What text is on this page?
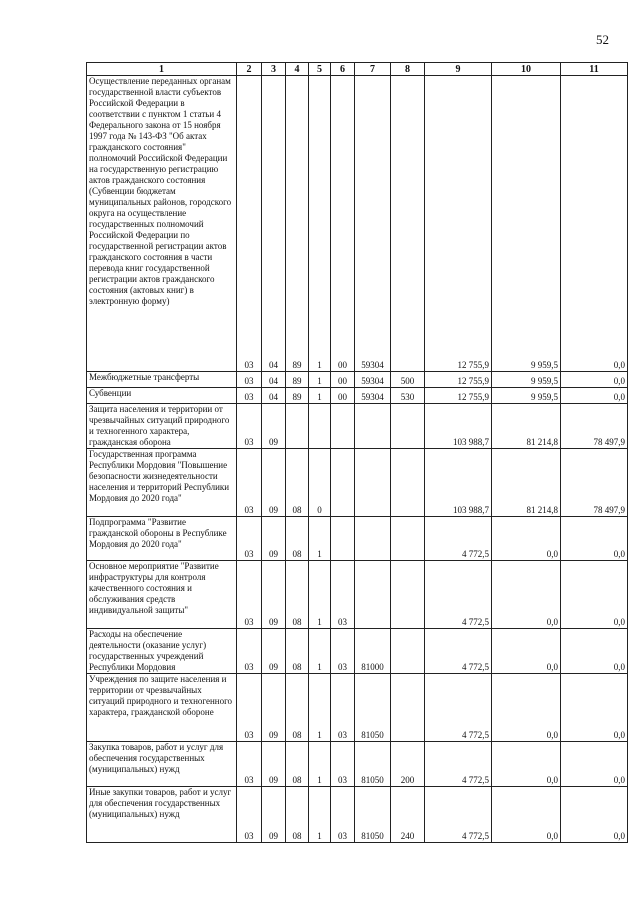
52
1	2	3	4	5	6	7	8	9	10	11
Осуществление переданных органам государственной власти субъектов Российской Федерации в соответствии с пунктом 1 статьи 4 Федерального закона от 15 ноября 1997 года № 143-ФЗ "Об актах гражданского состояния" полномочий Российской Федерации на государственную регистрацию актов гражданского состояния (Субвенции бюджетам муниципальных районов, городского округа на осуществление государственных полномочий Российской Федерации по государственной регистрации актов гражданского состояния в части перевода книг государственной регистрации актов гражданского состояния (актовых книг) в электронную форму)	03	04	89	1	00	59304		12 755,9	9 959,5	0,0
Межбюджетные трансферты	03	04	89	1	00	59304	500	12 755,9	9 959,5	0,0
Субвенции	03	04	89	1	00	59304	530	12 755,9	9 959,5	0,0
Защита населения и территории от чрезвычайных ситуаций природного и техногенного характера, гражданская оборона	03	09						103 988,7	81 214,8	78 497,9
Государственная программа Республики Мордовия "Повышение безопасности жизнедеятельности населения и территорий Республики Мордовия до 2020 года"	03	09	08	0				103 988,7	81 214,8	78 497,9
Подпрограмма "Развитие гражданской обороны в Республике Мордовия до 2020 года"	03	09	08	1				4 772,5	0,0	0,0
Основное мероприятие "Развитие инфраструктуры для контроля качественного состояния и обслуживания средств индивидуальной защиты"	03	09	08	1	03			4 772,5	0,0	0,0
Расходы на обеспечение деятельности (оказание услуг) государственных учреждений Республики Мордовия	03	09	08	1	03	81000		4 772,5	0,0	0,0
Учреждения по защите населения и территории от чрезвычайных ситуаций природного и техногенного характера, гражданской обороне	03	09	08	1	03	81050		4 772,5	0,0	0,0
Закупка товаров, работ и услуг для обеспечения государственных (муниципальных) нужд	03	09	08	1	03	81050	200	4 772,5	0,0	0,0
Иные закупки товаров, работ и услуг для обеспечения государственных (муниципальных) нужд	03	09	08	1	03	81050	240	4 772,5	0,0	0,0
